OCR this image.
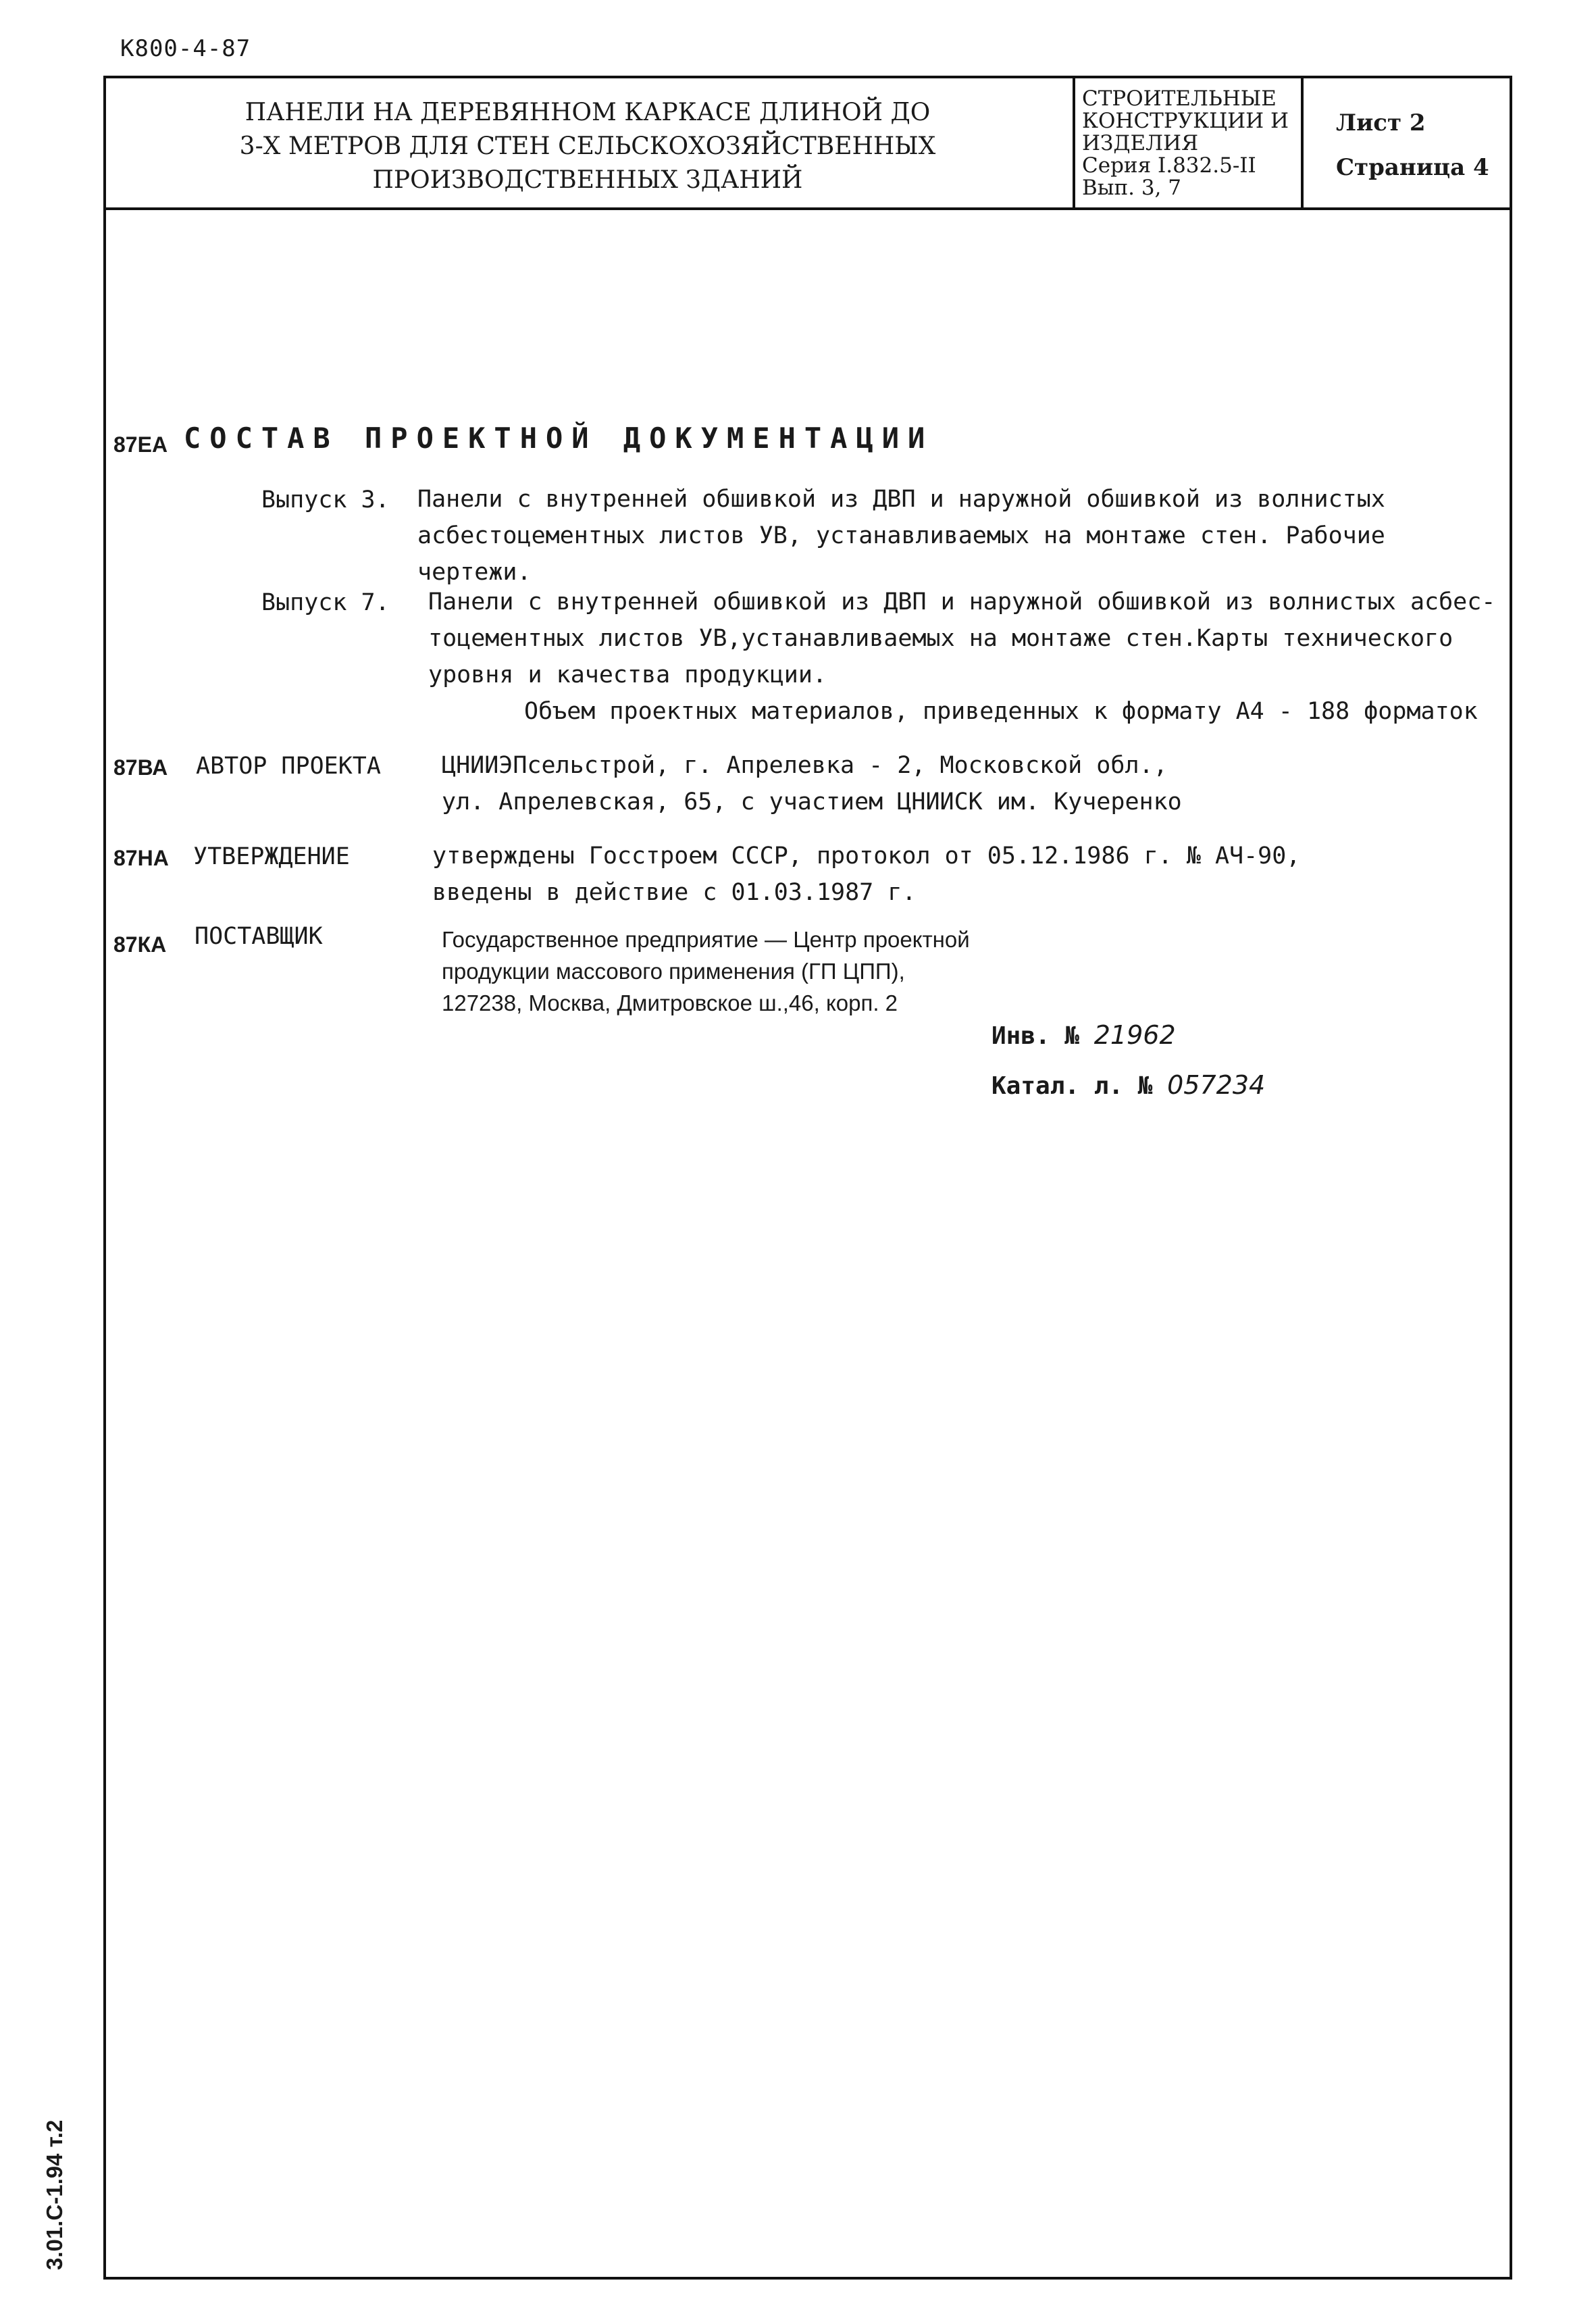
К800-4-87
ПАНЕЛИ НА ДЕРЕВЯННОМ КАРКАСЕ ДЛИНОЙ ДО
3-Х МЕТРОВ ДЛЯ СТЕН СЕЛЬСКОХОЗЯЙСТВЕННЫХ
ПРОИЗВОДСТВЕННЫХ ЗДАНИЙ
СТРОИТЕЛЬНЫЕ
КОНСТРУКЦИИ И
ИЗДЕЛИЯ
Серия I.832.5-II
Вып. 3, 7
Лист 2
Страница 4
87ЕА СОСТАВ ПРОЕКТНОЙ ДОКУМЕНТАЦИИ
Выпуск 3. Панели с внутренней обшивкой из ДВП и наружной обшивкой из волнистых
асбестоцементных листов УВ, устанавливаемых на монтаже стен. Рабочие
чертежи.
Выпуск 7. Панели с внутренней обшивкой из ДВП и наружной обшивкой из волнистых асбес-
тоцементных листов УВ,устанавливаемых на монтаже стен.Карты технического
уровня и качества продукции.
Объем проектных материалов, приведенных к формату А4 - 188 форматок
87ВА АВТОР ПРОЕКТА	ЦНИИЭПсельстрой, г. Апрелевка - 2, Московской обл.,
ул. Апрелевская, 65, с участием ЦНИИСК им. Кучеренко
87НА УТВЕРЖДЕНИЕ	утверждены Госстроем СССР, протокол от 05.12.1986 г. № АЧ-90,
введены в действие с 01.03.1987 г.
87КА ПОСТАВЩИК	Государственное предприятие — Центр проектной
продукции массового применения (ГП ЦПП),
127238, Москва, Дмитровское ш.,46, корп. 2
Инв. № 21962
Катал. л. № 057234
3.01.С-1.94 т.2
